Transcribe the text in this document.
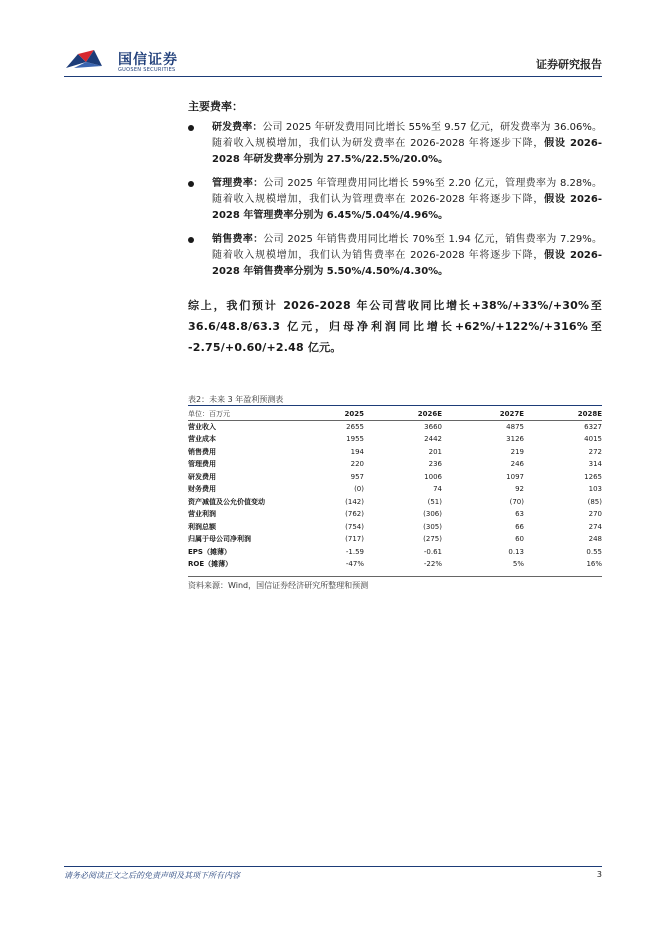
国信证券
GUOSEN SECURITIES	证券研究报告
主要费率：
研发费率：公司 2025 年研发费用同比增长 55%至 9.57 亿元，研发费率为 36.06%。随着收入规模增加，我们认为研发费率在 2026-2028 年将逐步下降，假设 2026-2028 年研发费率分别为 27.5%/22.5%/20.0%。
管理费率：公司 2025 年管理费用同比增长 59%至 2.20 亿元，管理费率为 8.28%。随着收入规模增加，我们认为管理费率在 2026-2028 年将逐步下降，假设 2026-2028 年管理费率分别为 6.45%/5.04%/4.96%。
销售费率：公司 2025 年销售费用同比增长 70%至 1.94 亿元，销售费率为 7.29%。随着收入规模增加，我们认为销售费率在 2026-2028 年将逐步下降，假设 2026-2028 年销售费率分别为 5.50%/4.50%/4.30%。
综上，我们预计 2026-2028 年公司营收同比增长+38%/+33%/+30%至 36.6/48.8/63.3 亿元，归母净利润同比增长+62%/+122%/+316%至 -2.75/+0.60/+2.48 亿元。
表2：未来 3 年盈利预测表
单位：百万元	2025	2026E	2027E	2028E
营业收入	2655	3660	4875	6327
营业成本	1955	2442	3126	4015
销售费用	194	201	219	272
管理费用	220	236	246	314
研发费用	957	1006	1097	1265
财务费用	(0)	74	92	103
资产减值及公允价值变动	(142)	(51)	(70)	(85)
营业利润	(762)	(306)	63	270
利润总额	(754)	(305)	66	274
归属于母公司净利润	(717)	(275)	60	248
EPS（摊薄）	-1.59	-0.61	0.13	0.55
ROE（摊薄）	-47%	-22%	5%	16%
资料来源：Wind，国信证券经济研究所整理和预测
请务必阅读正文之后的免责声明及其项下所有内容	3
